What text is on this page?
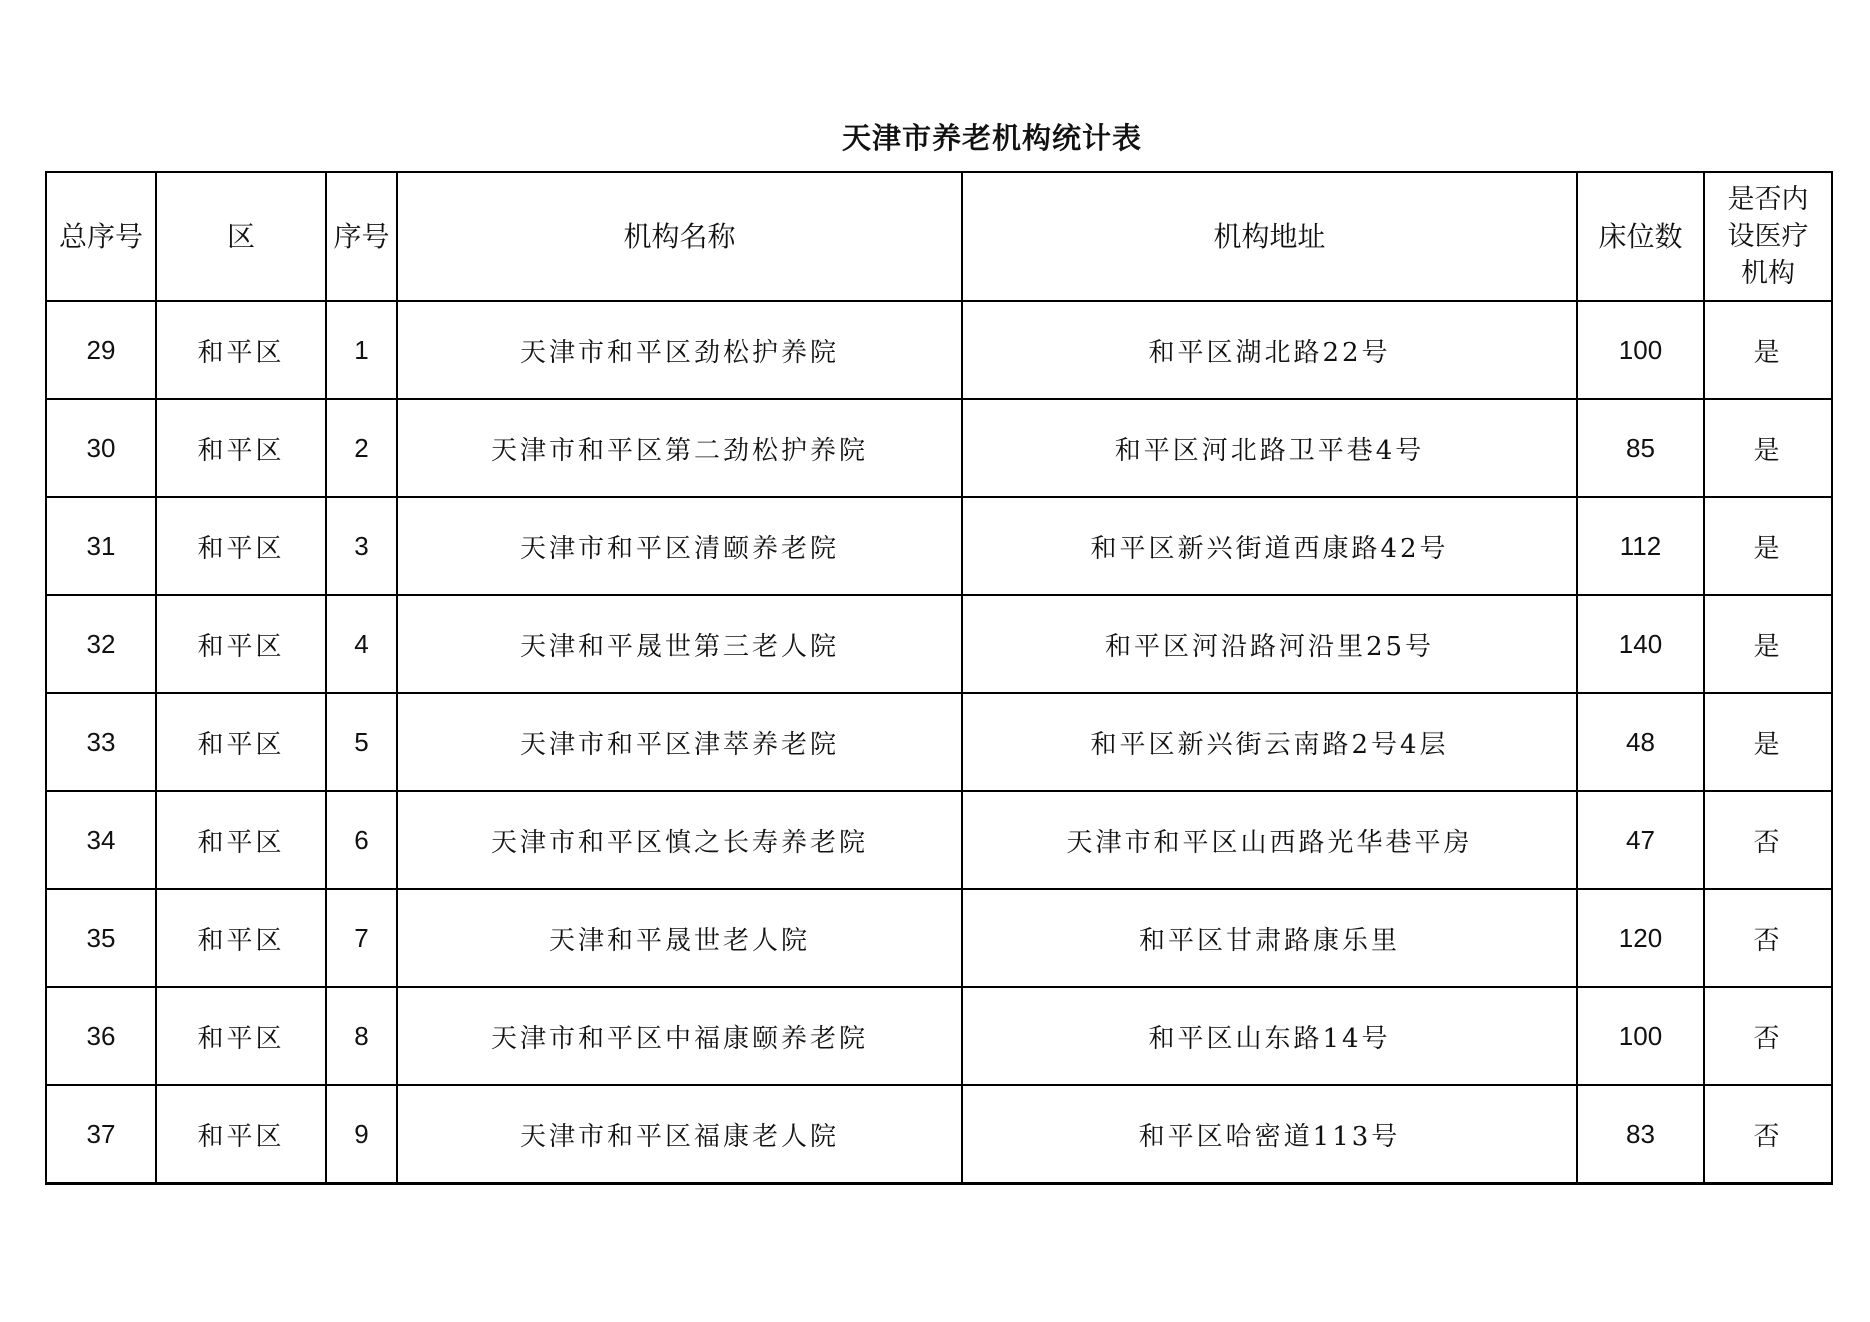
天津市养老机构统计表
总序号	区	序号	机构名称	机构地址	床位数	是否内
设医疗
机构

29	和平区	1	天津市和平区劲松护养院	和平区湖北路22号	100	是
30	和平区	2	天津市和平区第二劲松护养院	和平区河北路卫平巷4号	85	是
31	和平区	3	天津市和平区清颐养老院	和平区新兴街道西康路42号	112	是
32	和平区	4	天津和平晟世第三老人院	和平区河沿路河沿里25号	140	是
33	和平区	5	天津市和平区津萃养老院	和平区新兴街云南路2号4层	48	是
34	和平区	6	天津市和平区慎之长寿养老院	天津市和平区山西路光华巷平房	47	否
35	和平区	7	天津和平晟世老人院	和平区甘肃路康乐里	120	否
36	和平区	8	天津市和平区中福康颐养老院	和平区山东路14号	100	否
37	和平区	9	天津市和平区福康老人院	和平区哈密道113号	83	否
